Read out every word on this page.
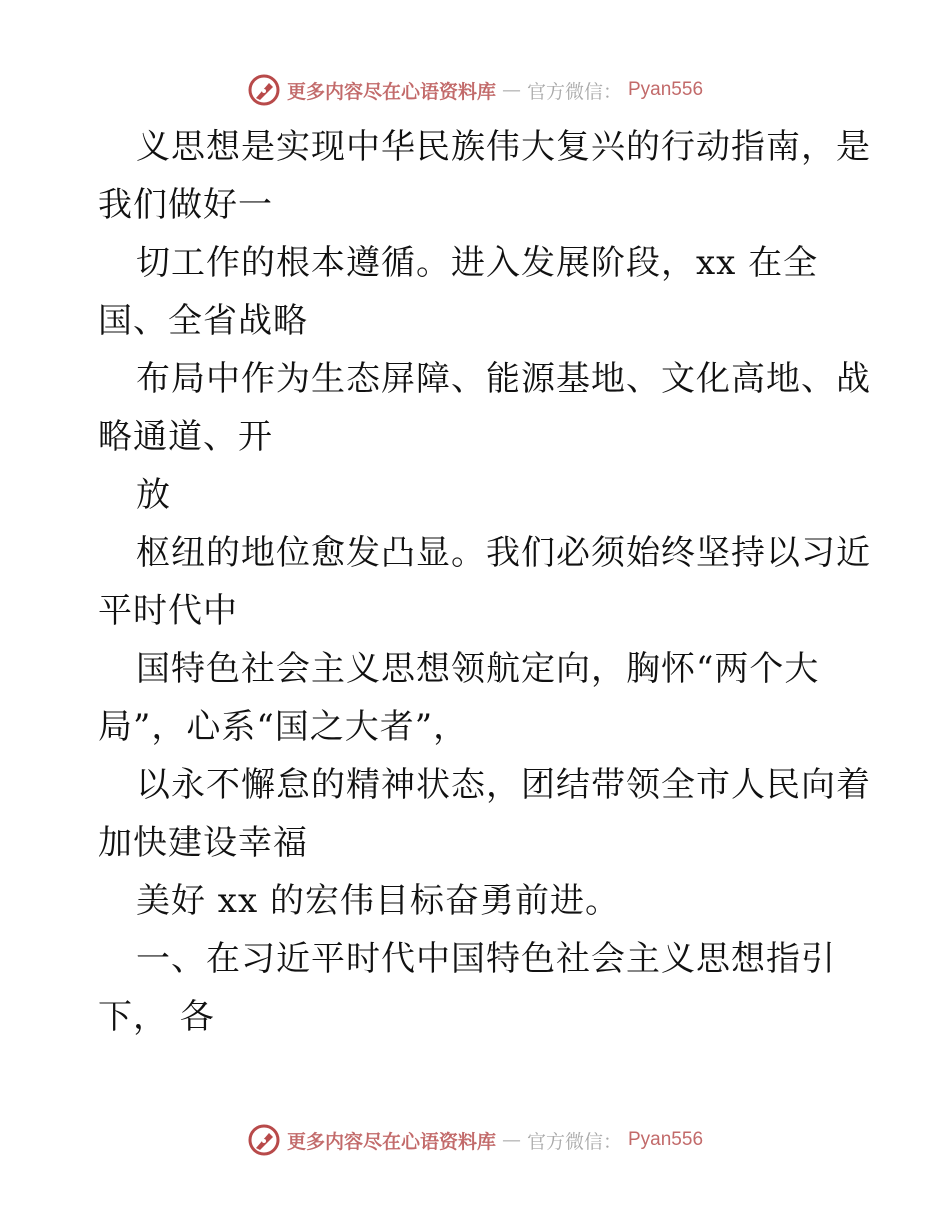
更多内容尽在心语资料库 — 官方微信： Pyan556
义思想是实现中华民族伟大复兴的行动指南，是
我们做好一
切工作的根本遵循。进入发展阶段，xx 在全
国、全省战略
布局中作为生态屏障、能源基地、文化高地、战
略通道、开
放
枢纽的地位愈发凸显。我们必须始终坚持以习近
平时代中
国特色社会主义思想领航定向，胸怀“两个大
局”，心系“国之大者”，
以永不懈怠的精神状态，团结带领全市人民向着
加快建设幸福
美好 xx 的宏伟目标奋勇前进。
一、在习近平时代中国特色社会主义思想指引
下， 各
更多内容尽在心语资料库 — 官方微信： Pyan556
